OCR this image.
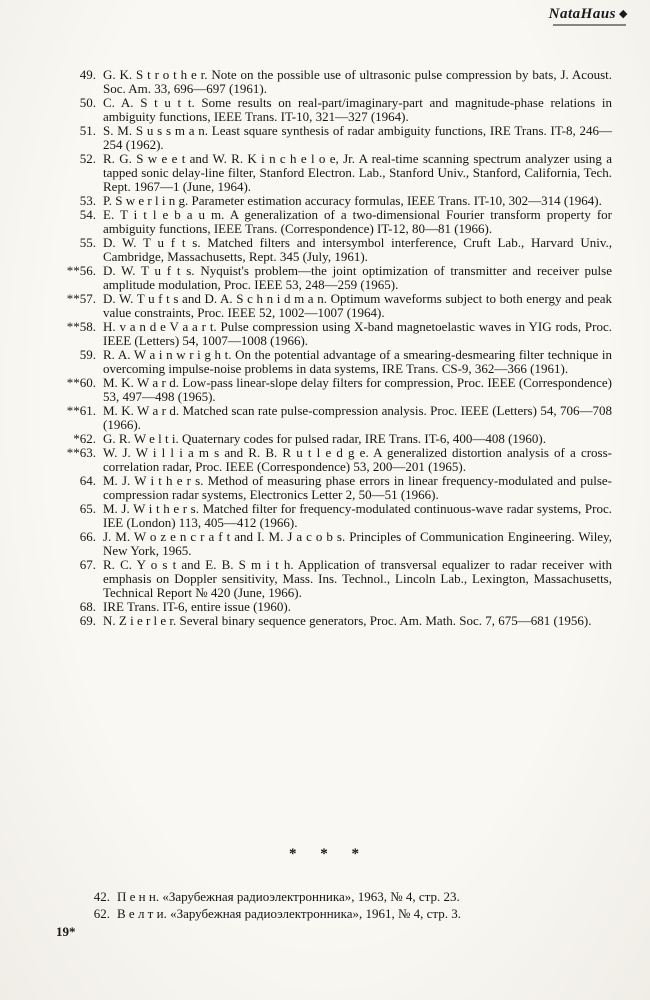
NataHaus ◆
49. G. K. S t r o t h e r. Note on the possible use of ultrasonic pulse compression by bats, J. Acoust. Soc. Am. 33, 696—697 (1961).
50. C. A. S t u t t. Some results on real-part/imaginary-part and magnitude-phase relations in ambiguity functions, IEEE Trans. IT-10, 321—327 (1964).
51. S. M. S u s s m a n. Least square synthesis of radar ambiguity functions, IRE Trans. IT-8, 246—254 (1962).
52. R. G. S w e e t and W. R. K i n c h e l o e, Jr. A real-time scanning spectrum analyzer using a tapped sonic delay-line filter, Stanford Electron. Lab., Stanford Univ., Stanford, California, Tech. Rept. 1967—1 (June, 1964).
53. P. S w e r l i n g. Parameter estimation accuracy formulas, IEEE Trans. IT-10, 302—314 (1964).
54. E. T i t l e b a u m. A generalization of a two-dimensional Fourier transform property for ambiguity functions, IEEE Trans. (Correspondence) IT-12, 80—81 (1966).
55. D. W. T u f t s. Matched filters and intersymbol interference, Cruft Lab., Harvard Univ., Cambridge, Massachusetts, Rept. 345 (July, 1961).
**56. D. W. T u f t s. Nyquist's problem—the joint optimization of transmitter and receiver pulse amplitude modulation, Proc. IEEE 53, 248—259 (1965).
**57. D. W. T u f t s and D. A. S c h n i d m a n. Optimum waveforms subject to both energy and peak value constraints, Proc. IEEE 52, 1002—1007 (1964).
**58. H. v a n d e V a a r t. Pulse compression using X-band magnetoelastic waves in YIG rods, Proc. IEEE (Letters) 54, 1007—1008 (1966).
59. R. A. W a i n w r i g h t. On the potential advantage of a smearing-desmearing filter technique in overcoming impulse-noise problems in data systems, IRE Trans. CS-9, 362—366 (1961).
**60. M. K. W a r d. Low-pass linear-slope delay filters for compression, Proc. IEEE (Correspondence) 53, 497—498 (1965).
**61. M. K. W a r d. Matched scan rate pulse-compression analysis. Proc. IEEE (Letters) 54, 706—708 (1966).
*62. G. R. W e l t i. Quaternary codes for pulsed radar, IRE Trans. IT-6, 400—408 (1960).
**63. W. J. W i l l i a m s and R. B. R u t l e d g e. A generalized distortion analysis of a cross-correlation radar, Proc. IEEE (Correspondence) 53, 200—201 (1965).
64. M. J. W i t h e r s. Method of measuring phase errors in linear frequency-modulated and pulse-compression radar systems, Electronics Letter 2, 50—51 (1966).
65. M. J. W i t h e r s. Matched filter for frequency-modulated continuous-wave radar systems, Proc. IEE (London) 113, 405—412 (1966).
66. J. M. W o z e n c r a f t and I. M. J a c o b s. Principles of Communication Engineering. Wiley, New York, 1965.
67. R. C. Y o s t and E. B. S m i t h. Application of transversal equalizer to radar receiver with emphasis on Doppler sensitivity, Mass. Ins. Technol., Lincoln Lab., Lexington, Massachusetts, Technical Report № 420 (June, 1966).
68. IRE Trans. IT-6, entire issue (1960).
69. N. Z i e r l e r. Several binary sequence generators, Proc. Am. Math. Soc. 7, 675—681 (1956).
* * *
42. П е н н. «Зарубежная радиоэлектронника», 1963, № 4, стр. 23.
62. В е л т и. «Зарубежная радиоэлектронника», 1961, № 4, стр. 3.
19*
